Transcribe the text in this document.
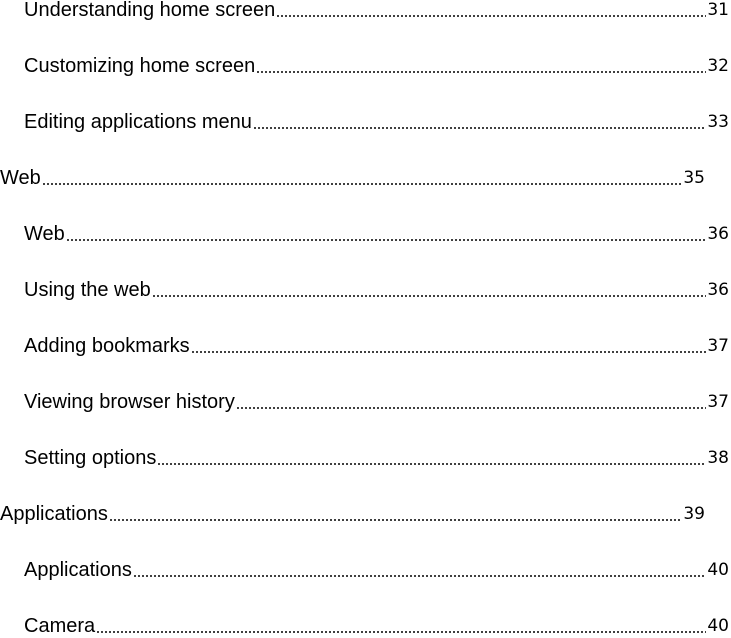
Understanding home screen	31
Customizing home screen	32
Editing applications menu	33
Web	35
Web	36
Using the web	36
Adding bookmarks	37
Viewing browser history	37
Setting options	38
Applications	39
Applications	40
Camera	40
